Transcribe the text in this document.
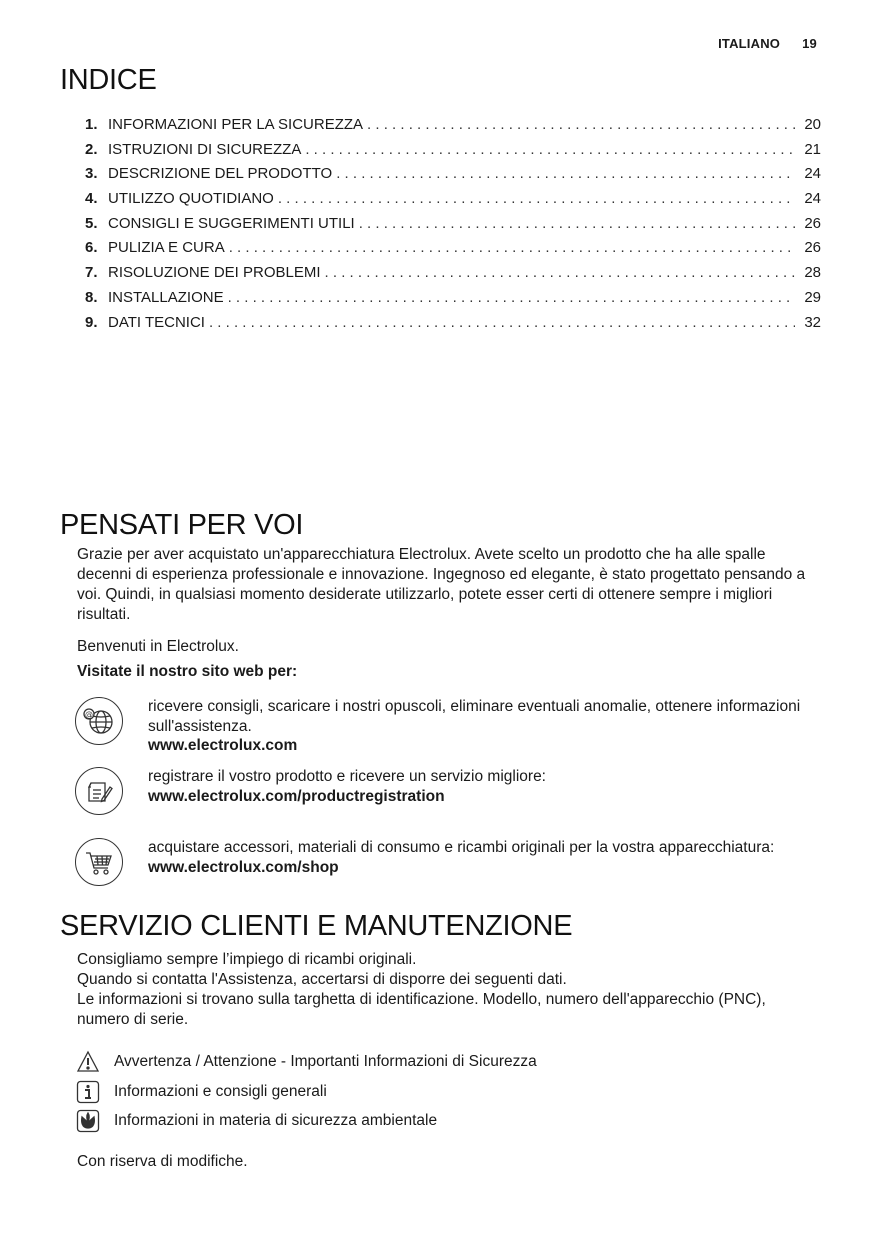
ITALIANO 19
INDICE
1. INFORMAZIONI PER LA SICUREZZA . . .	20
2. ISTRUZIONI DI SICUREZZA . . .	21
3. DESCRIZIONE DEL PRODOTTO . . .	24
4. UTILIZZO QUOTIDIANO . . .	24
5. CONSIGLI E SUGGERIMENTI UTILI . . .	26
6. PULIZIA E CURA . . .	26
7. RISOLUZIONE DEI PROBLEMI . . .	28
8. INSTALLAZIONE . . .	29
9. DATI TECNICI . . .	32
PENSATI PER VOI
Grazie per aver acquistato un'apparecchiatura Electrolux. Avete scelto un prodotto che ha alle spalle decenni di esperienza professionale e innovazione. Ingegnoso ed elegante, è stato progettato pensando a voi. Quindi, in qualsiasi momento desiderate utilizzarlo, potete esser certi di ottenere sempre i migliori risultati.
Benvenuti in Electrolux.
Visitate il nostro sito web per:
@	ricevere consigli, scaricare i nostri opuscoli, eliminare eventuali anomalie, ottenere informazioni sull'assistenza.
www.electrolux.com
registrare il vostro prodotto e ricevere un servizio migliore:
www.electrolux.com/productregistration
acquistare accessori, materiali di consumo e ricambi originali per la vostra apparecchiatura:
www.electrolux.com/shop
SERVIZIO CLIENTI E MANUTENZIONE
Consigliamo sempre l’impiego di ricambi originali.
Quando si contatta l'Assistenza, accertarsi di disporre dei seguenti dati.
Le informazioni si trovano sulla targhetta di identificazione. Modello, numero dell'apparecchio (PNC), numero di serie.
Avvertenza / Attenzione - Importanti Informazioni di Sicurezza
Informazioni e consigli generali
Informazioni in materia di sicurezza ambientale
Con riserva di modifiche.
